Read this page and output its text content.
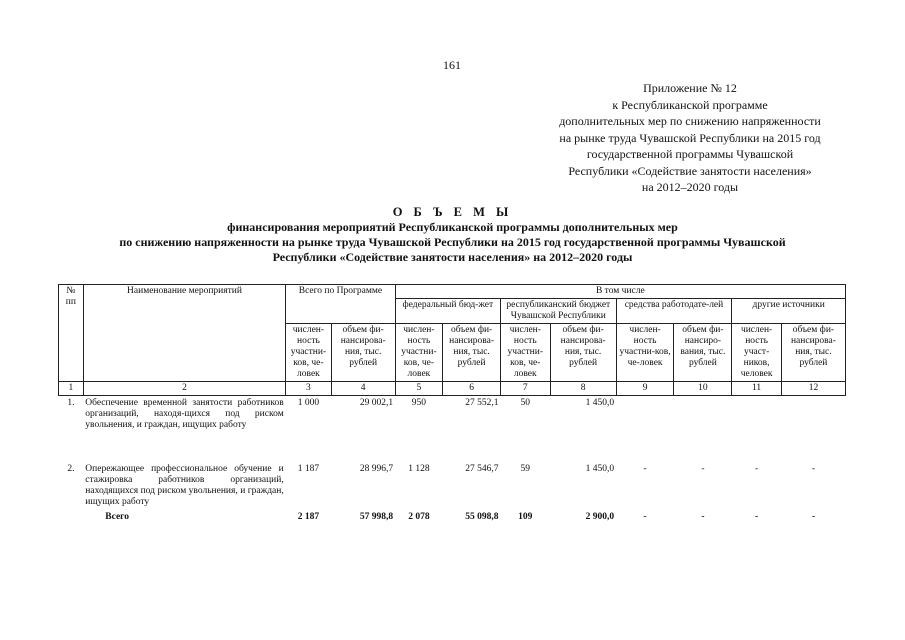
161
Приложение № 12
к Республиканской программе
дополнительных мер по снижению напряженности
на рынке труда Чувашской Республики на 2015 год
государственной программы Чувашской
Республики «Содействие занятости населения»
на 2012–2020 годы
О Б Ъ Е М Ы
финансирования мероприятий Республиканской программы дополнительных мер
по снижению напряженности на рынке труда Чувашской Республики на 2015 год государственной программы Чувашской
Республики «Содействие занятости населения» на 2012–2020 годы
№ пп	Наименование мероприятий	Всего по Программе		В том числе							
				федеральный бюд-жет		республиканский бюджет Чувашской Республики		средства работодате-лей		другие источники	
		числен-ность участни-ков, че-ловек	объем фи-нансирова-ния, тыс. рублей	числен-ность участни-ков, че-ловек	объем фи-нансирова-ния, тыс. рублей	числен-ность участни-ков, че-ловек	объем фи-нансирова-ния, тыс. рублей	числен-ность участни-ков, че-ловек	объем фи-нансиро-вания, тыс. рублей	числен-ность участ-ников, человек	объем фи-нансирова-ния, тыс. рублей
1	2	3	4	5	6	7	8	9	10	11	12
1.	Обеспечение временной занятости работников организаций, находя-щихся под риском увольнения, и граждан, ищущих работу	1 000	29 002,1	950	27 552,1	50	1 450,0				
2.	Опережающее профессиональное обучение и стажировка работников организаций, находящихся под риском увольнения, и граждан, ищущих работу	1 187	28 996,7	1 128	27 546,7	59	1 450,0	-	-	-	-
	Всего	2 187	57 998,8	2 078	55 098,8	109	2 900,0	-	-	-	-
